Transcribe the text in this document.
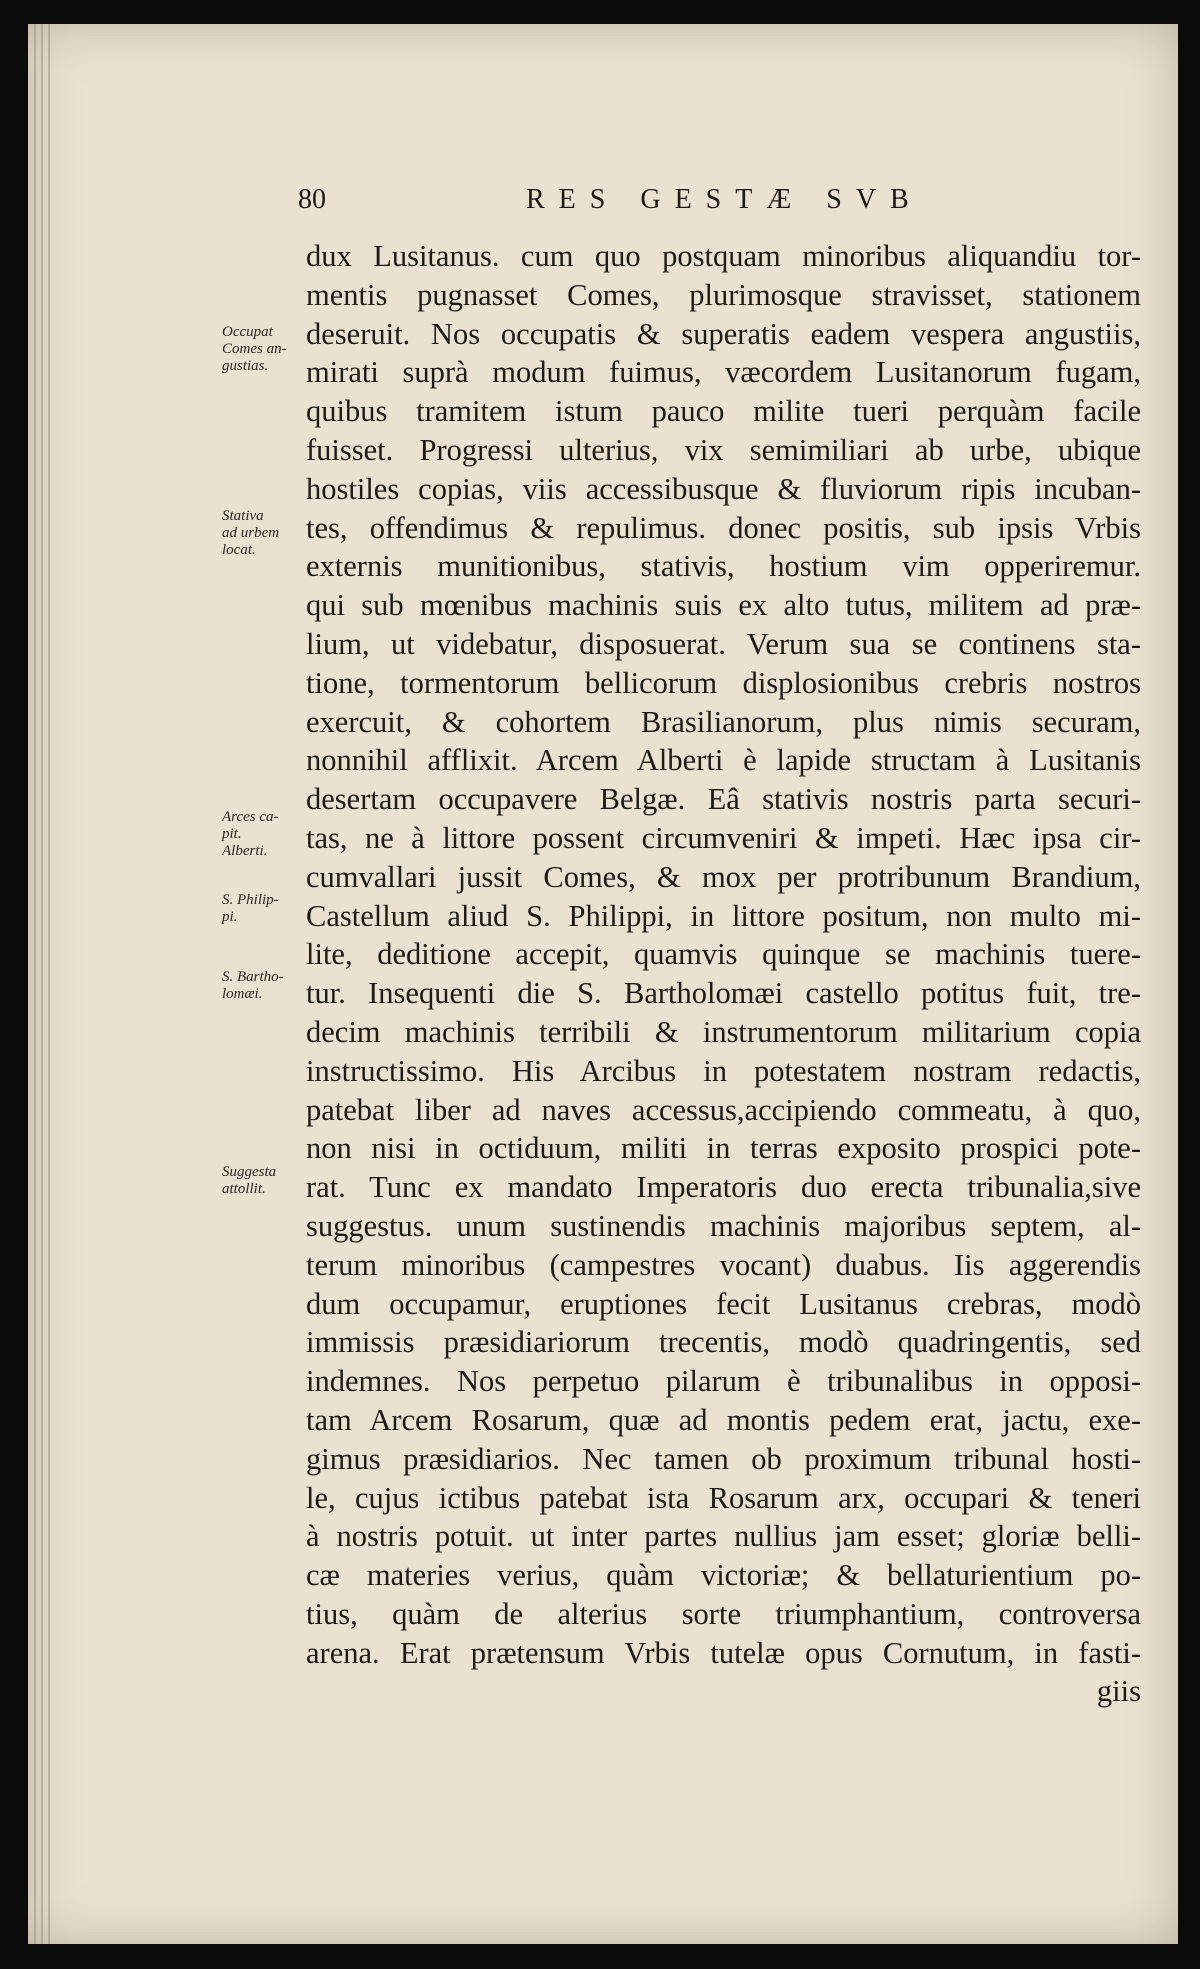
80	RES GESTÆ SVB
Occupat
Comes an-
gustias.
Stativa
ad urbem
locat.
Arces ca-
pit.
Alberti.
S. Philip-
pi.
S. Bartho-
lomæi.
Suggesta
attollit.
dux Lusitanus. cum quo postquam minoribus aliquandiu tor-
mentis pugnasset Comes, plurimosque stravisset, stationem
deseruit. Nos occupatis & superatis eadem vespera angustiis,
mirati suprà modum fuimus, væcordem Lusitanorum fugam,
quibus tramitem istum pauco milite tueri perquàm facile
fuisset. Progressi ulterius, vix semimiliari ab urbe, ubique
hostiles copias, viis accessibusque & fluviorum ripis incuban-
tes, offendimus & repulimus. donec positis, sub ipsis Vrbis
externis munitionibus, stativis, hostium vim opperiremur.
qui sub mœnibus machinis suis ex alto tutus, militem ad præ-
lium, ut videbatur, disposuerat. Verum sua se continens sta-
tione, tormentorum bellicorum displosionibus crebris nostros
exercuit, & cohortem Brasilianorum, plus nimis securam,
nonnihil afflixit. Arcem Alberti è lapide structam à Lusitanis
desertam occupavere Belgæ. Eâ stativis nostris parta securi-
tas, ne à littore possent circumveniri & impeti. Hæc ipsa cir-
cumvallari jussit Comes, & mox per protribunum Brandium,
Castellum aliud S. Philippi, in littore positum, non multo mi-
lite, deditione accepit, quamvis quinque se machinis tuere-
tur. Insequenti die S. Bartholomæi castello potitus fuit, tre-
decim machinis terribili & instrumentorum militarium copia
instructissimo. His Arcibus in potestatem nostram redactis,
patebat liber ad naves accessus,accipiendo commeatu, à quo,
non nisi in octiduum, militi in terras exposito prospici pote-
rat. Tunc ex mandato Imperatoris duo erecta tribunalia,sive
suggestus. unum sustinendis machinis majoribus septem, al-
terum minoribus (campestres vocant) duabus. Iis aggerendis
dum occupamur, eruptiones fecit Lusitanus crebras, modò
immissis præsidiariorum trecentis, modò quadringentis, sed
indemnes. Nos perpetuo pilarum è tribunalibus in opposi-
tam Arcem Rosarum, quæ ad montis pedem erat, jactu, exe-
gimus præsidiarios. Nec tamen ob proximum tribunal hosti-
le, cujus ictibus patebat ista Rosarum arx, occupari & teneri
à nostris potuit. ut inter partes nullius jam esset; gloriæ belli-
cæ materies verius, quàm victoriæ; & bellaturientium po-
tius, quàm de alterius sorte triumphantium, controversa
arena. Erat prætensum Vrbis tutelæ opus Cornutum, in fasti-
giis
